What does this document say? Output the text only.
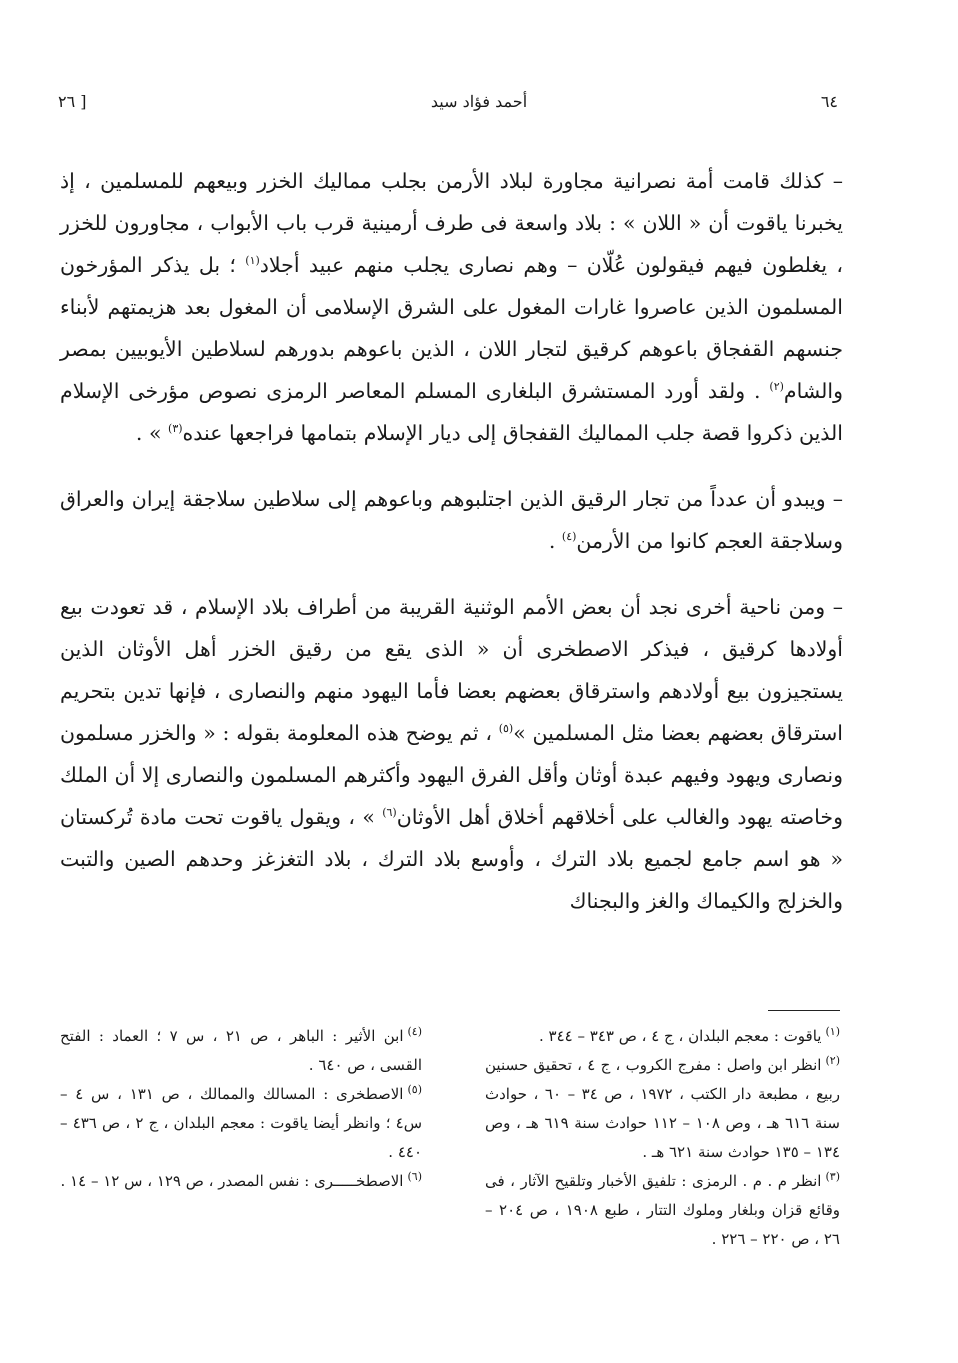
٦٤
أحمد فؤاد سيد
[ ٢٦

– كذلك قامت أمة نصرانية مجاورة لبلاد الأرمن بجلب مماليك الخزر وبيعهم للمسلمين ، إذ يخبرنا ياقوت أن « اللان » : بلاد واسعة فى طرف أرمينية قرب باب الأبواب ، مجاورون للخزر ، يغلطون فيهم فيقولون عُلّان – وهم نصارى يجلب منهم عبيد أجلاد$^{(١)}$ ؛ بل يذكر المؤرخون المسلمون الذين عاصروا غارات المغول على الشرق الإسلامى أن المغول بعد هزيمتهم لأبناء جنسهم القفجاق باعوهم كرقيق لتجار اللان ، الذين باعوهم بدورهم لسلاطين الأيوبيين بمصر والشام$^{(٢)}$ . ولقد أورد المستشرق البلغارى المسلم المعاصر الرمزى نصوص مؤرخى الإسلام الذين ذكروا قصة جلب المماليك القفجاق إلى ديار الإسلام بتمامها فراجعها عنده$^{(٣)}$ » .

– ويبدو أن عدداً من تجار الرقيق الذين اجتلبوهم وباعوهم إلى سلاطين سلاجقة إيران والعراق وسلاجقة العجم كانوا من الأرمن$^{(٤)}$ .

– ومن ناحية أخرى نجد أن بعض الأمم الوثنية القريبة من أطراف بلاد الإسلام ، قد تعودت بيع أولادها كرقيق ، فيذكر الاصطخرى أن « الذى يقع من رقيق الخزر أهل الأوثان الذين يستجيزون بيع أولادهم واسترقاق بعضهم بعضا فأما اليهود منهم والنصارى ، فإنها تدين بتحريم استرقاق بعضهم بعضا مثل المسلمين »$^{(٥)}$ ، ثم يوضح هذه المعلومة بقوله : « والخزر مسلمون ونصارى ويهود وفيهم عبدة أوثان وأقل الفرق اليهود وأكثرهم المسلمون والنصارى إلا أن الملك وخاصته يهود والغالب على أخلاقهم أخلاق أهل الأوثان$^{(٦)}$ » ، ويقول ياقوت تحت مادة تُركستان « هو اسم جامع لجميع بلاد الترك ، وأوسع بلاد الترك ، بلاد التغزغز وحدهم الصين والتبت والخزلج والكيماك والغز والبجناك

$^{(١)}$ياقوت : معجم البلدان ، ج ٤ ، ص ٣٤٣ – ٣٤٤ .

$^{(٢)}$انظر ابن واصل : مفرج الكروب ، ج ٤ ، تحقيق حسنين ربيع ، مطبعة دار الكتب ، ١٩٧٢ ، ص ٣٤ – ٦٠ ، حوادث سنة ٦١٦ هـ ، وص ١٠٨ – ١١٢ حوادث سنة ٦١٩ هـ ، وص ١٣٤ – ١٣٥ حوادث سنة ٦٢١ هـ .

$^{(٣)}$انظر م . م . الرمزى : تلفيق الأخبار وتلقيح الآثار ، فى وقائع قزان وبلغار وملوك التتار ، طبع ١٩٠٨ ، ص ٢٠٤ – ٢٦ ، ص ٢٢٠ – ٢٢٦ .

$^{(٤)}$ابن الأثير : الباهر ، ص ٢١ ، س ٧ ؛ العماد : الفتح القسى ، ص ٦٤٠ .

$^{(٥)}$الاصطخرى : المسالك والممالك ، ص ١٣١ ، س ٤ – س٤ ؛ وانظر أيضا ياقوت : معجم البلدان ، ج ٢ ، ص ٤٣٦ – ٤٤٠ .

$^{(٦)}$الاصطخـــــرى : نفس المصدر ، ص ١٢٩ ، س ١٢ – ١٤ .
